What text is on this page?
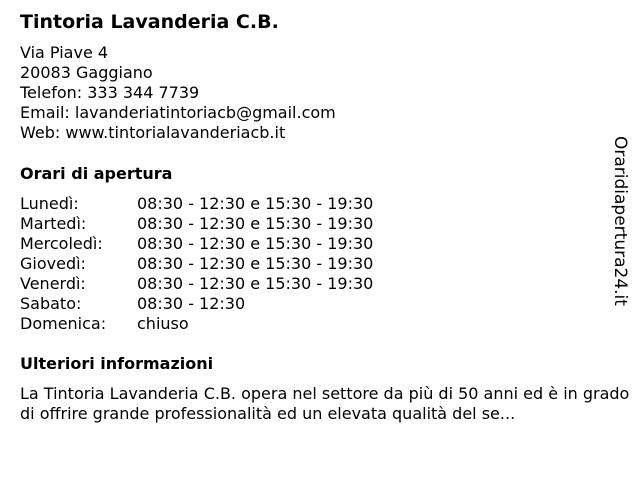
Tintoria Lavanderia C.B.
Via Piave 4
20083 Gaggiano
Telefon: 333 344 7739
Email: lavanderiatintoriacb@gmail.com
Web: www.tintorialavanderiacb.it
Orari di apertura
Lunedì:	08:30 - 12:30 e 15:30 - 19:30
Martedì:	08:30 - 12:30 e 15:30 - 19:30
Mercoledì: 08:30 - 12:30 e 15:30 - 19:30
Giovedì:	08:30 - 12:30 e 15:30 - 19:30
Venerdì:	08:30 - 12:30 e 15:30 - 19:30
Sabato:	08:30 - 12:30
Domenica: chiuso
Ulteriori informazioni
La Tintoria Lavanderia C.B. opera nel settore da più di 50 anni ed è in grado di offrire grande professionalità ed un elevata qualità del se...
Oraridiapertura24.it
